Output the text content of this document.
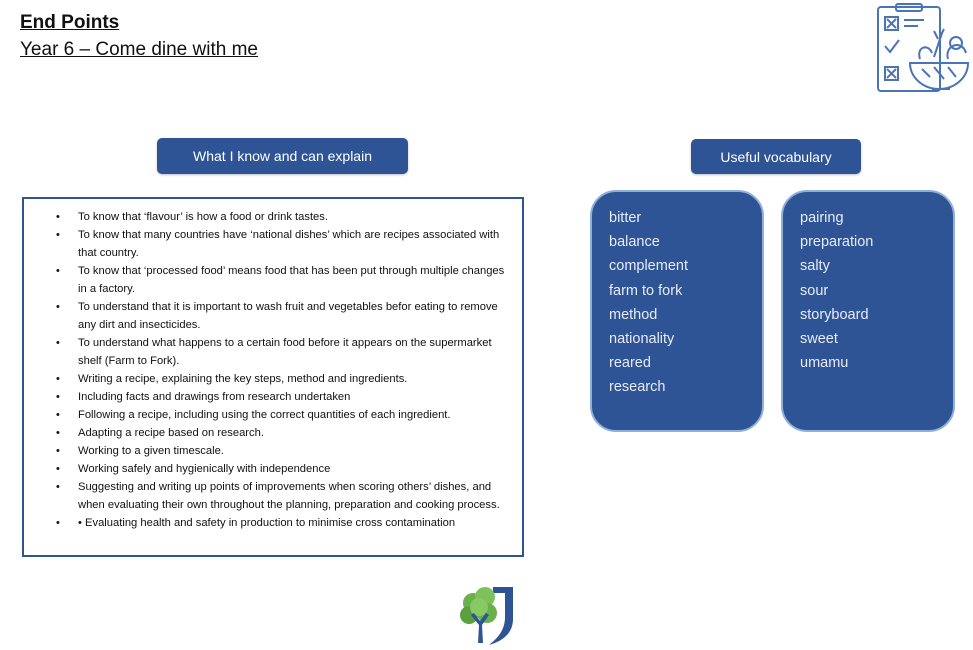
End Points
Year 6 – Come dine with me
What I know and can explain	Useful vocabulary
• To know that ‘flavour’ is how a food or drink tastes.
• To know that many countries have ‘national dishes’ which are recipes associated with that country.
• To know that ‘processed food’ means food that has been put through multiple changes in a factory.
• To understand that it is important to wash fruit and vegetables befor eating to remove any dirt and insecticides.
• To understand what happens to a certain food before it appears on the supermarket shelf (Farm to Fork).
• Writing a recipe, explaining the key steps, method and ingredients.
• Including facts and drawings from research undertaken
• Following a recipe, including using the correct quantities of each ingredient.
• Adapting a recipe based on research.
• Working to a given timescale.
• Working safely and hygienically with independence
• Suggesting and writing up points of improvements when scoring others’ dishes, and when evaluating their own throughout the planning, preparation and cooking process.
• • Evaluating health and safety in production to minimise cross contamination
bitter
balance
complement
farm to fork
method
nationality
reared
research
pairing
preparation
salty
sour
storyboard
sweet
umamu
